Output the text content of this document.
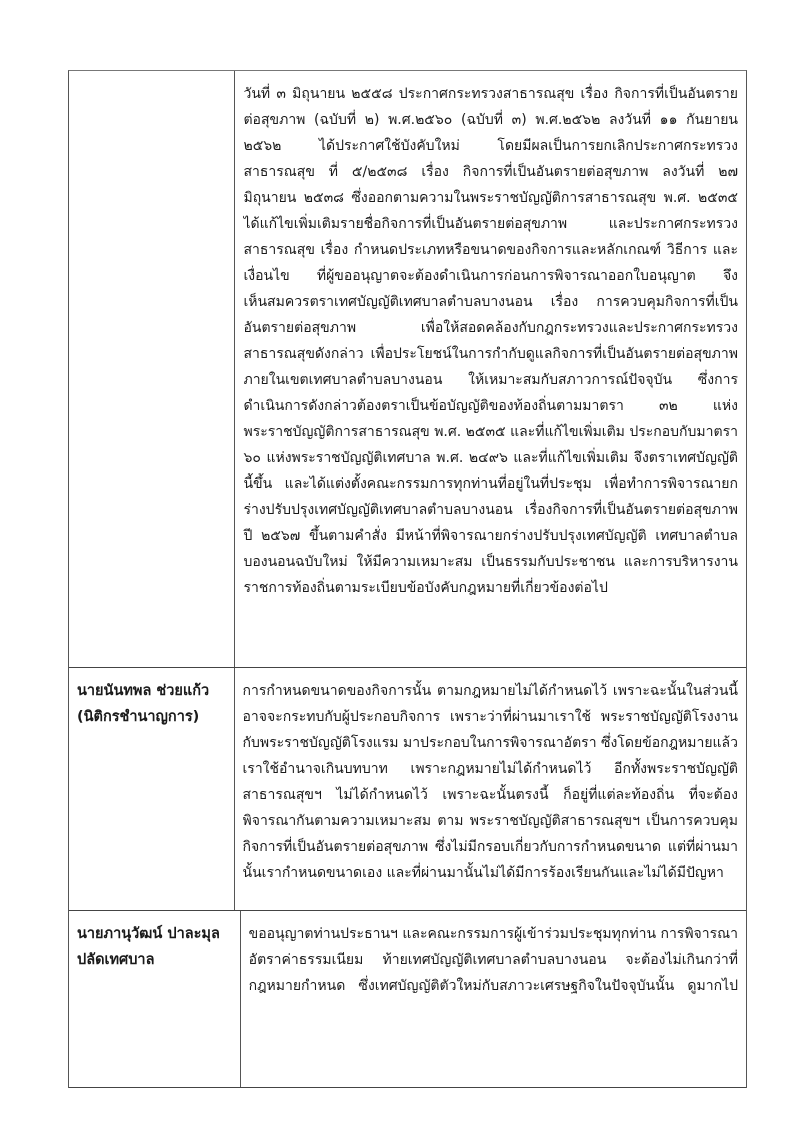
วันที่ ๓ มิถุนายน ๒๕๕๘ ประกาศกระทรวงสาธารณสุข เรื่อง กิจการที่เป็นอันตราย
ต่อสุขภาพ (ฉบับที่ ๒) พ.ศ.๒๕๖๐ (ฉบับที่ ๓) พ.ศ.๒๕๖๒ ลงวันที่ ๑๑ กันยายน
๒๕๖๒ ได้ประกาศใช้บังคับใหม่ โดยมีผลเป็นการยกเลิกประกาศกระทรวง
สาธารณสุข ที่ ๕/๒๕๓๘ เรื่อง กิจการที่เป็นอันตรายต่อสุขภาพ ลงวันที่ ๒๗
มิถุนายน ๒๕๓๘ ซึ่งออกตามความในพระราชบัญญัติการสาธารณสุข พ.ศ. ๒๕๓๕
ได้แก้ไขเพิ่มเติมรายชื่อกิจการที่เป็นอันตรายต่อสุขภาพ และประกาศกระทรวง
สาธารณสุข เรื่อง กำหนดประเภทหรือขนาดของกิจการและหลักเกณฑ์ วิธีการ และ
เงื่อนไข ที่ผู้ขออนุญาตจะต้องดำเนินการก่อนการพิจารณาออกใบอนุญาต จึง
เห็นสมควรตราเทศบัญญัติเทศบาลตำบลบางนอน เรื่อง การควบคุมกิจการที่เป็น
อันตรายต่อสุขภาพ เพื่อให้สอดคล้องกับกฎกระทรวงและประกาศกระทรวง
สาธารณสุขดังกล่าว เพื่อประโยชน์ในการกำกับดูแลกิจการที่เป็นอันตรายต่อสุขภาพ
ภายในเขตเทศบาลตำบลบางนอน ให้เหมาะสมกับสภาวการณ์ปัจจุบัน ซึ่งการ
ดำเนินการดังกล่าวต้องตราเป็นข้อบัญญัติของท้องถิ่นตามมาตรา ๓๒ แห่ง
พระราชบัญญัติการสาธารณสุข พ.ศ. ๒๕๓๕ และที่แก้ไขเพิ่มเติม ประกอบกับมาตรา
๖๐ แห่งพระราชบัญญัติเทศบาล พ.ศ. ๒๔๙๖ และที่แก้ไขเพิ่มเติม จึงตราเทศบัญญัติ
นี้ขึ้น และได้แต่งตั้งคณะกรรมการทุกท่านที่อยู่ในที่ประชุม เพื่อทำการพิจารณายก
ร่างปรับปรุงเทศบัญญัติเทศบาลตำบลบางนอน เรื่องกิจการที่เป็นอันตรายต่อสุขภาพ
ปี ๒๕๖๗ ขึ้นตามคำสั่ง มีหน้าที่พิจารณายกร่างปรับปรุงเทศบัญญัติ เทศบาลตำบล
บองนอนฉบับใหม่ ให้มีความเหมาะสม เป็นธรรมกับประชาชน และการบริหารงาน
ราชการท้องถิ่นตามระเบียบข้อบังคับกฎหมายที่เกี่ยวข้องต่อไป
นายนันทพล ช่วยแก้ว
(นิติกรชำนาญการ)
การกำหนดขนาดของกิจการนั้น ตามกฎหมายไม่ได้กำหนดไว้ เพราะฉะนั้นในส่วนนี้
อาจจะกระทบกับผู้ประกอบกิจการ เพราะว่าที่ผ่านมาเราใช้ พระราชบัญญัติโรงงาน
กับพระราชบัญญัติโรงแรม มาประกอบในการพิจารณาอัตรา ซึ่งโดยข้อกฎหมายแล้ว
เราใช้อำนาจเกินบทบาท เพราะกฎหมายไม่ได้กำหนดไว้ อีกทั้งพระราชบัญญัติ
สาธารณสุขฯ ไม่ได้กำหนดไว้ เพราะฉะนั้นตรงนี้ ก็อยู่ที่แต่ละท้องถิ่น ที่จะต้อง
พิจารณากันตามความเหมาะสม ตาม พระราชบัญญัติสาธารณสุขฯ เป็นการควบคุม
กิจการที่เป็นอันตรายต่อสุขภาพ ซึ่งไม่มีกรอบเกี่ยวกับการกำหนดขนาด แต่ที่ผ่านมา
นั้นเรากำหนดขนาดเอง และที่ผ่านมานั้นไม่ได้มีการร้องเรียนกันและไม่ได้มีปัญหา
นายภานุวัฒน์ ปาละมุล
ปลัดเทศบาล
ขออนุญาตท่านประธานฯ และคณะกรรมการผู้เข้าร่วมประชุมทุกท่าน การพิจารณา
อัตราค่าธรรมเนียม ท้ายเทศบัญญัติเทศบาลตำบลบางนอน จะต้องไม่เกินกว่าที่
กฎหมายกำหนด ซึ่งเทศบัญญัติตัวใหม่กับสภาวะเศรษฐกิจในปัจจุบันนั้น ดูมากไป
